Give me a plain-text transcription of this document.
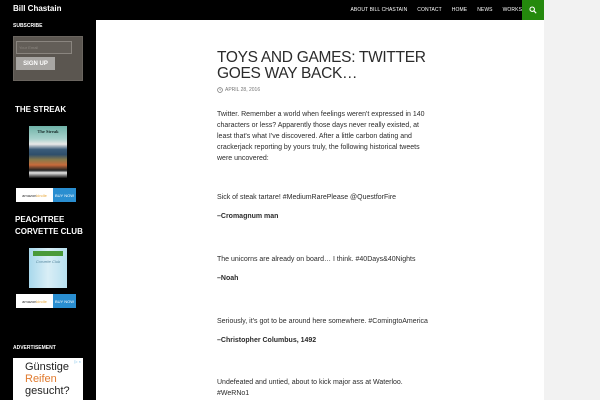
Bill Chastain	ABOUT BILL CHASTAIN CONTACT HOME NEWS WORKS
SUBSCRIBE
Your Email
SIGN UP
THE STREAK
The Streak
amazon kindle	BUY NOW
PEACHTREE CORVETTE CLUB
Corvette Club
amazon kindle	BUY NOW
ADVERTISEMENT
▷ ×
Günstige
Reifen
gesucht?
TOYS AND GAMES: TWITTER GOES WAY BACK…
APRIL 28, 2016

Twitter. Remember a world when feelings weren't expressed in 140 characters or less? Apparently those days never really existed, at least that's what I've discovered. After a little carbon dating and crackerjack reporting by yours truly, the following historical tweets were uncovered:

Sick of steak tartare! #MediumRarePlease @QuestforFire
–Cromagnum man
The unicorns are already on board… I think. #40Days&40Nights
–Noah
Seriously, it's got to be around here somewhere. #ComingtoAmerica
–Christopher Columbus, 1492
Undefeated and untied, about to kick major ass at Waterloo. #WeRNo1
